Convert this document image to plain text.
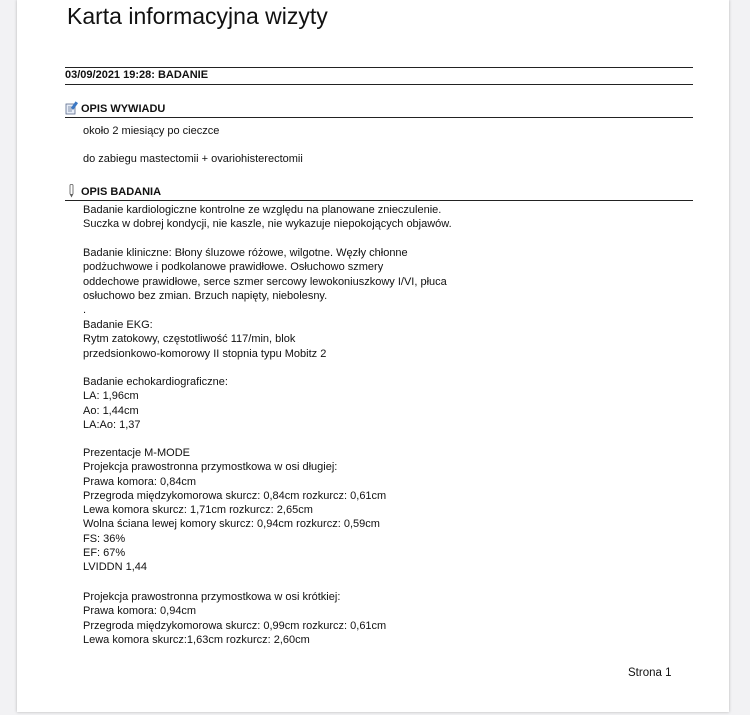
Karta informacyjna wizyty
03/09/2021 19:28: BADANIE
OPIS WYWIADU
około 2 miesiący po cieczce
do zabiegu mastectomii + ovariohisterectomii
OPIS BADANIA
Badanie kardiologiczne kontrolne ze względu na planowane znieczulenie.
Suczka w dobrej kondycji, nie kaszle, nie wykazuje niepokojących objawów.
Badanie kliniczne: Błony śluzowe różowe, wilgotne. Węzły chłonne
podżuchwowe i podkolanowe prawidłowe. Osłuchowo szmery
oddechowe prawidłowe, serce szmer sercowy lewokoniuszkowy I/VI, płuca
osłuchowo bez zmian. Brzuch napięty, niebolesny.
.
Badanie EKG:
Rytm zatokowy, częstotliwość 117/min, blok
przedsionkowo-komorowy II stopnia typu Mobitz 2
Badanie echokardiograficzne:
LA: 1,96cm
Ao: 1,44cm
LA:Ao: 1,37
Prezentacje M-MODE
Projekcja prawostronna przymostkowa w osi długiej:
Prawa komora: 0,84cm
Przegroda międzykomorowa skurcz: 0,84cm rozkurcz: 0,61cm
Lewa komora skurcz: 1,71cm rozkurcz: 2,65cm
Wolna ściana lewej komory skurcz: 0,94cm rozkurcz: 0,59cm
FS: 36%
EF: 67%
LVIDDN 1,44
Projekcja prawostronna przymostkowa w osi krótkiej:
Prawa komora: 0,94cm
Przegroda międzykomorowa skurcz: 0,99cm rozkurcz: 0,61cm
Lewa komora skurcz:1,63cm rozkurcz: 2,60cm
Strona 1
